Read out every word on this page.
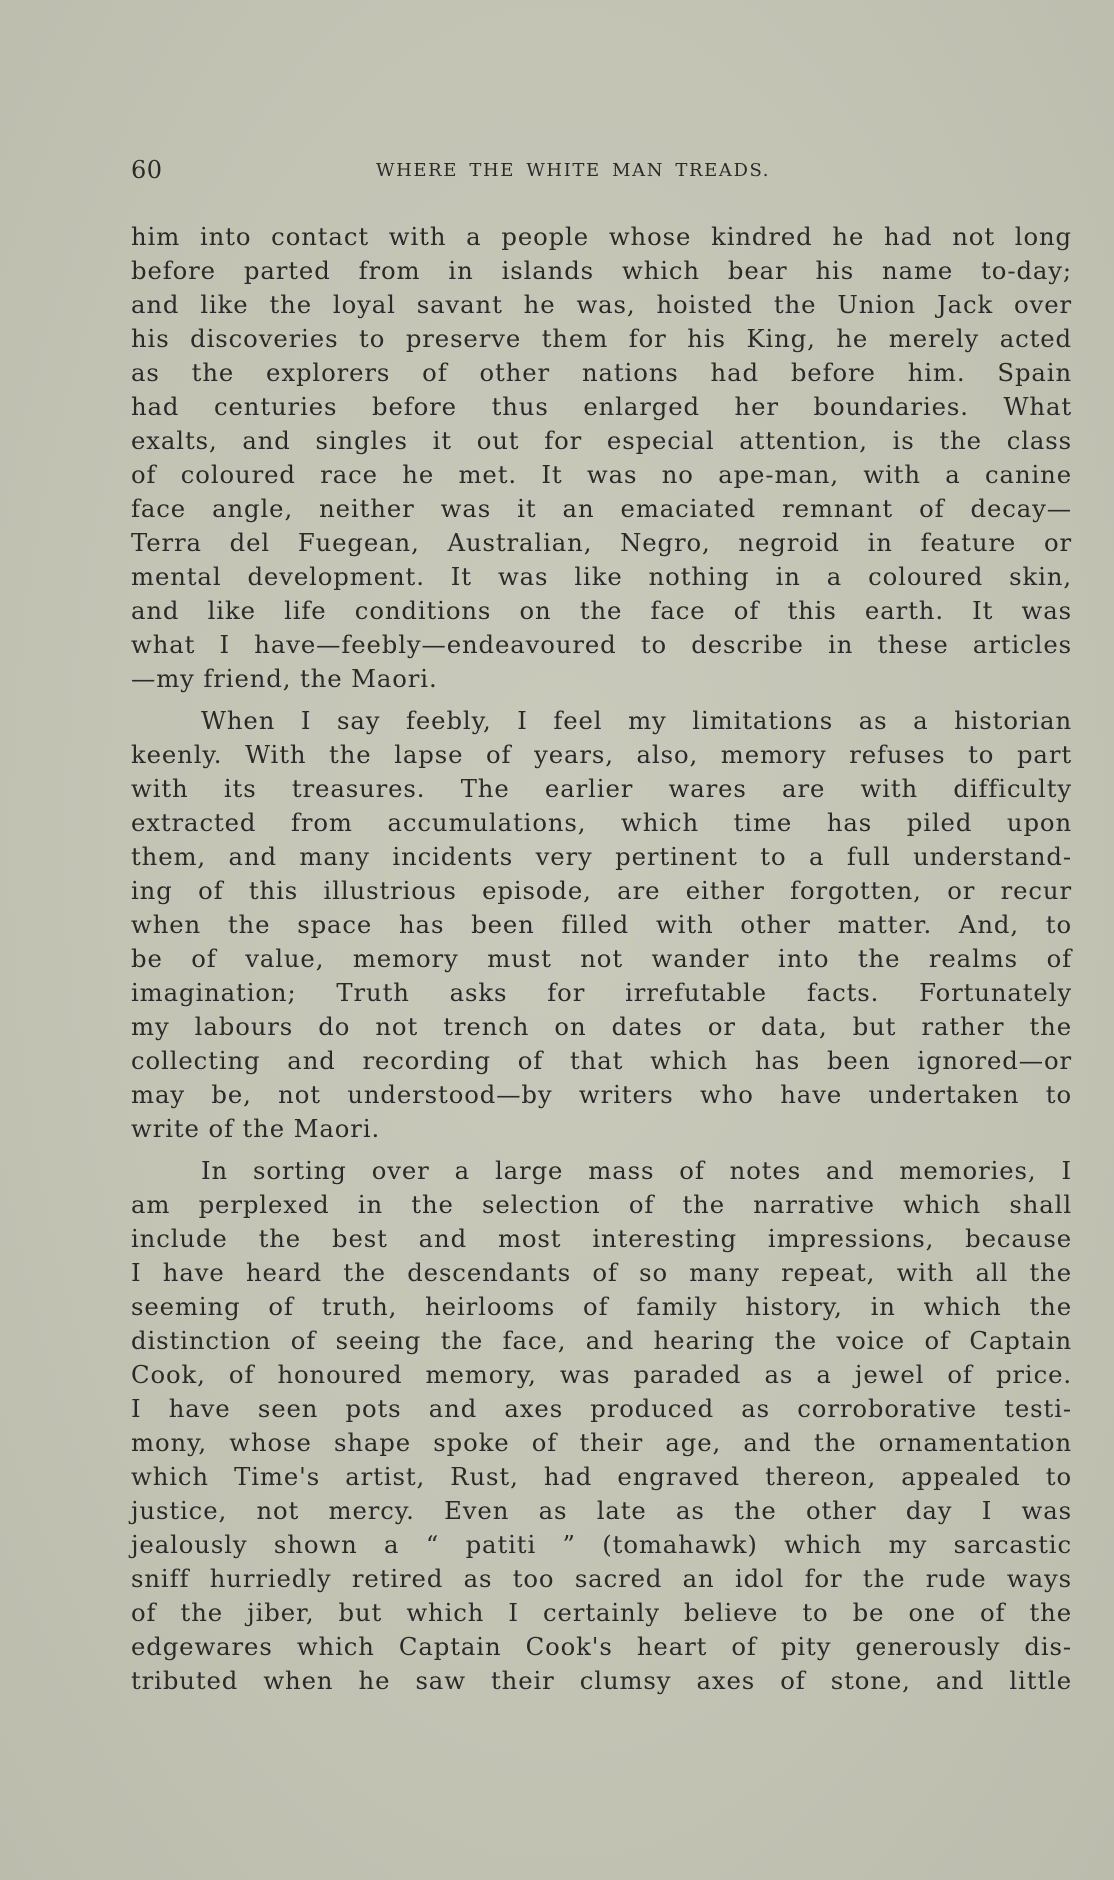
60	WHERE THE WHITE MAN TREADS.
him into contact with a people whose kindred he had not long
before parted from in islands which bear his name to-day;
and like the loyal savant he was, hoisted the Union Jack over
his discoveries to preserve them for his King, he merely acted
as the explorers of other nations had before him. Spain
had centuries before thus enlarged her boundaries. What
exalts, and singles it out for especial attention, is the class
of coloured race he met. It was no ape-man, with a canine
face angle, neither was it an emaciated remnant of decay—
Terra del Fuegean, Australian, Negro, negroid in feature or
mental development. It was like nothing in a coloured skin,
and like life conditions on the face of this earth. It was
what I have—feebly—endeavoured to describe in these articles
—my friend, the Maori.
When I say feebly, I feel my limitations as a historian
keenly. With the lapse of years, also, memory refuses to part
with its treasures. The earlier wares are with difficulty
extracted from accumulations, which time has piled upon
them, and many incidents very pertinent to a full understand-
ing of this illustrious episode, are either forgotten, or recur
when the space has been filled with other matter. And, to
be of value, memory must not wander into the realms of
imagination; Truth asks for irrefutable facts. Fortunately
my labours do not trench on dates or data, but rather the
collecting and recording of that which has been ignored—or
may be, not understood—by writers who have undertaken to
write of the Maori.
In sorting over a large mass of notes and memories, I
am perplexed in the selection of the narrative which shall
include the best and most interesting impressions, because
I have heard the descendants of so many repeat, with all the
seeming of truth, heirlooms of family history, in which the
distinction of seeing the face, and hearing the voice of Captain
Cook, of honoured memory, was paraded as a jewel of price.
I have seen pots and axes produced as corroborative testi-
mony, whose shape spoke of their age, and the ornamentation
which Time's artist, Rust, had engraved thereon, appealed to
justice, not mercy. Even as late as the other day I was
jealously shown a “ patiti ” (tomahawk) which my sarcastic
sniff hurriedly retired as too sacred an idol for the rude ways
of the jiber, but which I certainly believe to be one of the
edgewares which Captain Cook's heart of pity generously dis-
tributed when he saw their clumsy axes of stone, and little
